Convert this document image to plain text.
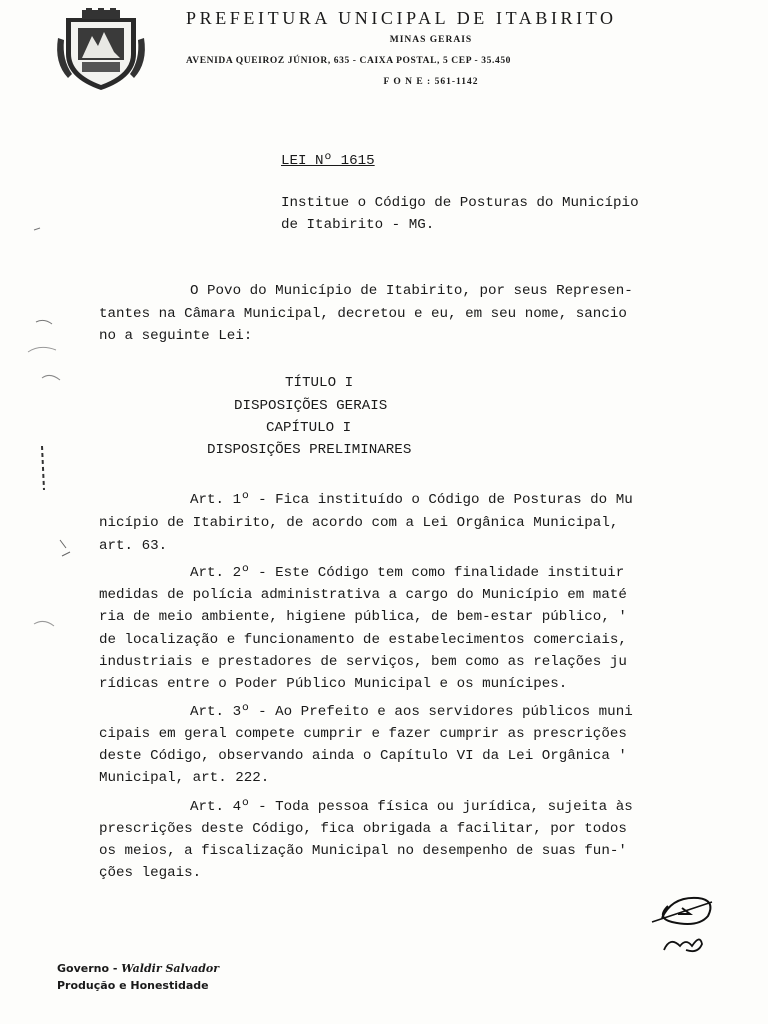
PREFEITURA UNICIPAL DE ITABIRITO
MINAS GERAIS
AVENIDA QUEIROZ JÚNIOR, 635 - CAIXA POSTAL, 5 CEP - 35.450
F O N E : 561-1142
LEI Nº 1615
Institue o Código de Posturas do Município
de Itabirito - MG.
O Povo do Município de Itabirito, por seus Represen-
tantes na Câmara Municipal, decretou e eu, em seu nome, sancio
no a seguinte Lei:
TÍTULO I
DISPOSIÇÕES GERAIS
CAPÍTULO I
DISPOSIÇÕES PRELIMINARES
Art. 1º - Fica instituído o Código de Posturas do Mu
nicípio de Itabirito, de acordo com a Lei Orgânica Municipal,
art. 63.
Art. 2º - Este Código tem como finalidade instituir
medidas de polícia administrativa a cargo do Município em maté
ria de meio ambiente, higiene pública, de bem-estar público, '
de localização e funcionamento de estabelecimentos comerciais,
industriais e prestadores de serviços, bem como as relações ju
rídicas entre o Poder Público Municipal e os munícipes.
Art. 3º - Ao Prefeito e aos servidores públicos muni
cipais em geral compete cumprir e fazer cumprir as prescrições
deste Código, observando ainda o Capítulo VI da Lei Orgânica '
Municipal, art. 222.
Art. 4º - Toda pessoa física ou jurídica, sujeita às
prescrições deste Código, fica obrigada a facilitar, por todos
os meios, a fiscalização Municipal no desempenho de suas fun-'
ções legais.
Governo - Waldir Salvador
Produção e Honestidade
